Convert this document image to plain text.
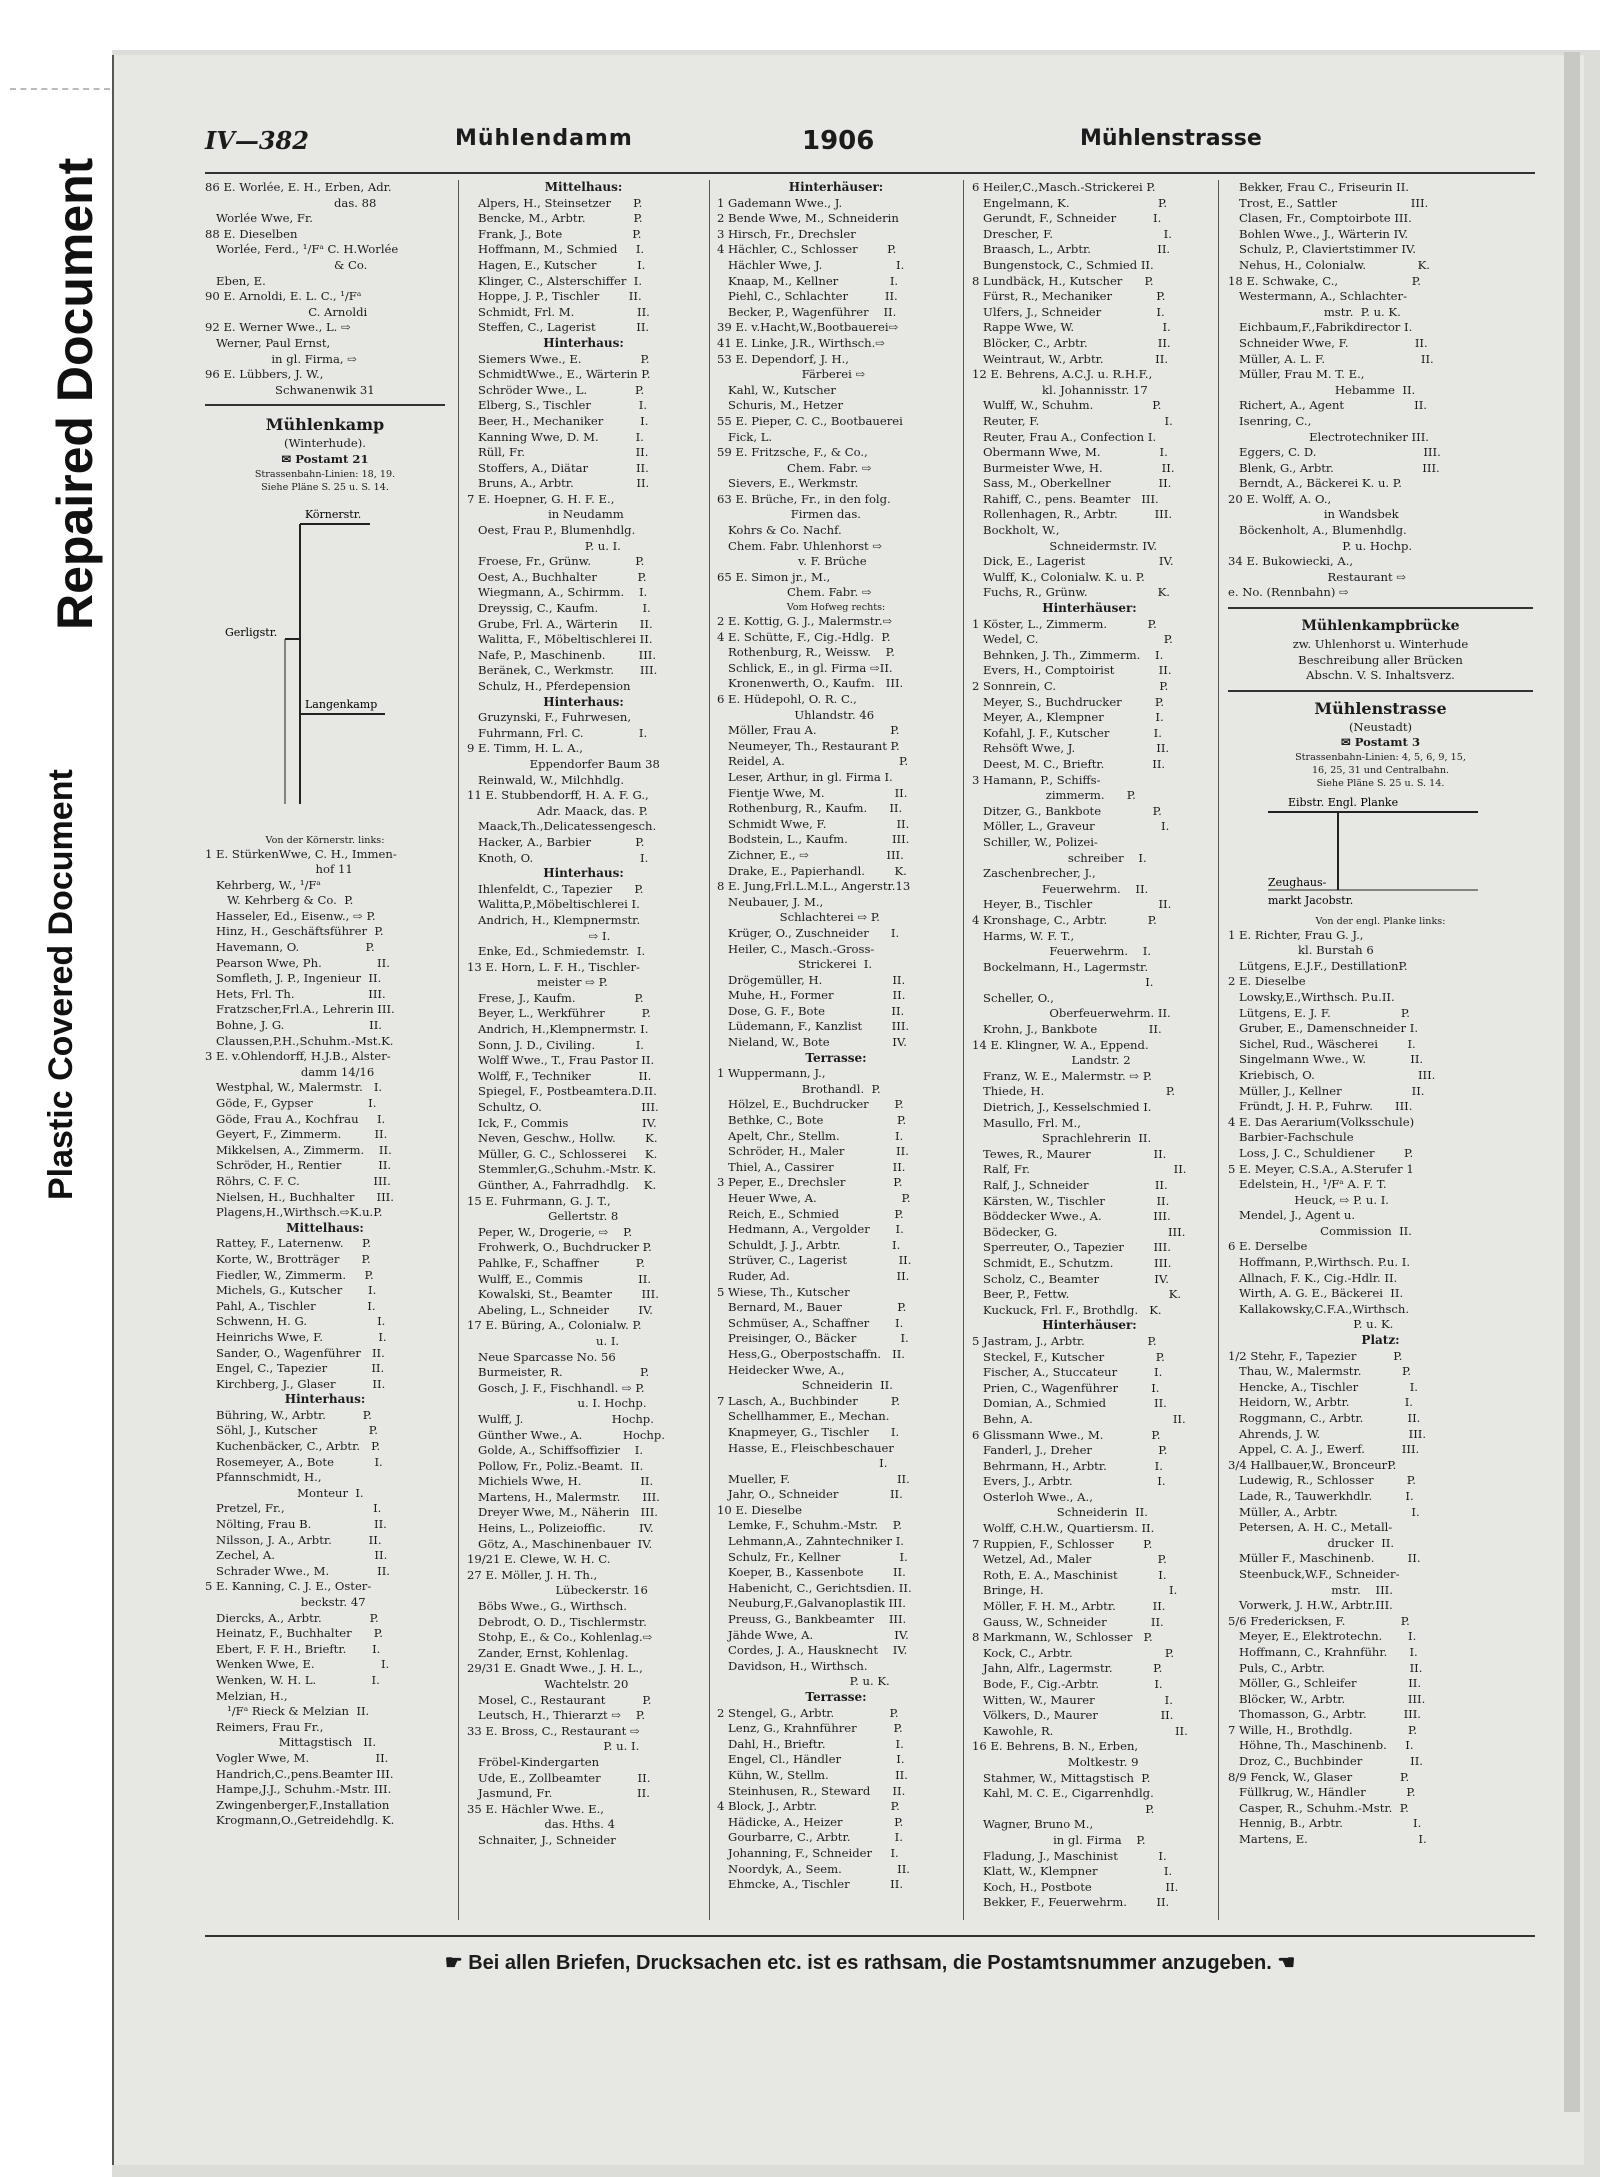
Repaired Document
Plastic Covered Document
IV—382	Mühlendamm	1906	Mühlenstrasse

86 E. Worlée, E. H., Erben, Adr.

das. 88

Worlée Wwe, Fr.

88 E. Dieselben

Worlée, Ferd., ¹/Fᵃ C. H.Worlée

& Co.

Eben, E.

90 E. Arnoldi, E. L. C., ¹/Fᵃ

C. Arnoldi

92 E. Werner Wwe., L. ⇨

Werner, Paul Ernst,

in gl. Firma, ⇨

96 E. Lübbers, J. W.,

Schwanenwik 31

Mühlenkamp

(Winterhude).

✉ Postamt 21

Strassenbahn-Linien: 18, 19.

Siehe Pläne S. 25 u. S. 14.

Körnerstr.
Gerligstr.
Langenkamp

Von der Körnerstr. links:

1 E. StürkenWwe, C. H., Immen-

hof 11

Kehrberg, W., ¹/Fᵃ

W. Kehrberg & Co.  P.

Hasseler, Ed., Eisenw., ⇨ P.

Hinz, H., Geschäftsführer  P.

Havemann, O.                  P.

Pearson Wwe, Ph.               II.

Somfleth, J. P., Ingenieur  II.

Hets, Frl. Th.                    III.

Fratzscher,Frl.A., Lehrerin III.

Bohne, J. G.                       II.

Claussen,P.H.,Schuhm.-Mst.K.

3 E. v.Ohlendorff, H.J.B., Alster-

damm 14/16

Westphal, W., Malermstr.   I.

Göde, F., Gypser               I.

Göde, Frau A., Kochfrau     I.

Geyert, F., Zimmerm.         II.

Mikkelsen, A., Zimmerm.    II.

Schröder, H., Rentier          II.

Röhrs, C. F. C.                    III.

Nielsen, H., Buchhalter      III.

Plagens,H.,Wirthsch.⇨K.u.P.

Mittelhaus:

Rattey, F., Laternenw.     P.

Korte, W., Brotträger      P.

Fiedler, W., Zimmerm.     P.

Michels, G., Kutscher       I.

Pahl, A., Tischler              I.

Schwenn, H. G.                   I.

Heinrichs Wwe, F.               I.

Sander, O., Wagenführer   II.

Engel, C., Tapezier            II.

Kirchberg, J., Glaser          II.

Hinterhaus:

Bühring, W., Arbtr.          P.

Söhl, J., Kutscher              P.

Kuchenbäcker, C., Arbtr.   P.

Rosemeyer, A., Bote           I.

Pfannschmidt, H.,

Monteur  I.

Pretzel, Fr.,                        I.

Nölting, Frau B.                 II.

Nilsson, J. A., Arbtr.          II.

Zechel, A.                           II.

Schrader Wwe., M.             II.

5 E. Kanning, C. J. E., Oster-

beckstr. 47

Diercks, A., Arbtr.             P.

Heinatz, F., Buchhalter      P.

Ebert, F. F. H., Brieftr.       I.

Wenken Wwe, E.                  I.

Wenken, W. H. L.               I.

Melzian, H.,

¹/Fᵃ Rieck & Melzian  II.

Reimers, Frau Fr.,

Mittagstisch   II.

Vogler Wwe, M.                  II.

Handrich,C.,pens.Beamter III.

Hampe,J.J., Schuhm.-Mstr. III.

Zwingenberger,F.,Installation

Krogmann,O.,Getreidehdlg. K.

Mittelhaus:

Alpers, H., Steinsetzer      P.

Bencke, M., Arbtr.             P.

Frank, J., Bote                   P.

Hoffmann, M., Schmied     I.

Hagen, E., Kutscher           I.

Klinger, C., Alsterschiffer  I.

Hoppe, J. P., Tischler        II.

Schmidt, Frl. M.                 II.

Steffen, C., Lagerist           II.

Hinterhaus:

Siemers Wwe., E.                P.

SchmidtWwe., E., Wärterin P.

Schröder Wwe., L.             P.

Elberg, S., Tischler             I.

Beer, H., Mechaniker          I.

Kanning Wwe, D. M.          I.

Rüll, Fr.                              II.

Stoffers, A., Diätar             II.

Bruns, A., Arbtr.                 II.

7 E. Hoepner, G. H. F. E.,

in Neudamm

Oest, Frau P., Blumenhdlg.

P. u. I.

Froese, Fr., Grünw.            P.

Oest, A., Buchhalter           P.

Wiegmann, A., Schirmm.    I.

Dreyssig, C., Kaufm.            I.

Grube, Frl. A., Wärterin      II.

Walitta, F., Möbeltischlerei II.

Nafe, P., Maschinenb.         III.

Beränek, C., Werkmstr.       III.

Schulz, H., Pferdepension

Hinterhaus:

Gruzynski, F., Fuhrwesen,

Fuhrmann, Frl. C.               I.

9 E. Timm, H. L. A.,

Eppendorfer Baum 38

Reinwald, W., Milchhdlg.

11 E. Stubbendorff, H. A. F. G.,

Adr. Maack, das. P.

Maack,Th.,Delicatessengesch.

Hacker, A., Barbier            P.

Knoth, O.                             I.

Hinterhaus:

Ihlenfeldt, C., Tapezier      P.

Walitta,P.,Möbeltischlerei I.

Andrich, H., Klempnermstr.

⇨ I.

Enke, Ed., Schmiedemstr.  I.

13 E. Horn, L. F. H., Tischler-

meister ⇨ P.

Frese, J., Kaufm.                P.

Beyer, L., Werkführer          P.

Andrich, H.,Klempnermstr. I.

Sonn, J. D., Civiling.           I.

Wolff Wwe., T., Frau Pastor II.

Wolff, F., Techniker             II.

Spiegel, F., Postbeamtera.D.II.

Schultz, O.                           III.

Ick, F., Commis                    IV.

Neven, Geschw., Hollw.        K.

Müller, G. C., Schlosserei     K.

Stemmler,G.,Schuhm.-Mstr. K.

Günther, A., Fahrradhdlg.    K.

15 E. Fuhrmann, G. J. T.,

Gellertstr. 8

Peper, W., Drogerie, ⇨    P.

Frohwerk, O., Buchdrucker P.

Pahlke, F., Schaffner          P.

Wulff, E., Commis               II.

Kowalski, St., Beamter        III.

Abeling, L., Schneider        IV.

17 E. Büring, A., Colonialw. P.

u. I.

Neue Sparcasse No. 56

Burmeister, R.                     P.

Gosch, J. F., Fischhandl. ⇨ P.

u. I. Hochp.

Wulff, J.                        Hochp.

Günther Wwe., A.           Hochp.

Golde, A., Schiffsoffizier    I.

Pollow, Fr., Poliz.-Beamt.  II.

Michiels Wwe, H.                II.

Martens, H., Malermstr.      III.

Dreyer Wwe, M., Näherin   III.

Heins, L., Polizeioffic.         IV.

Götz, A., Maschinenbauer  IV.

19/21 E. Clewe, W. H. C.

27 E. Möller, J. H. Th.,

Lübeckerstr. 16

Böbs Wwe., G., Wirthsch.

Debrodt, O. D., Tischlermstr.

Stohp, E., & Co., Kohlenlag.⇨

Zander, Ernst, Kohlenlag.

29/31 E. Gnadt Wwe., J. H. L.,

Wachtelstr. 20

Mosel, C., Restaurant          P.

Leutsch, H., Thierarzt ⇨    P.

33 E. Bross, C., Restaurant ⇨

P. u. I.

Fröbel-Kindergarten

Ude, E., Zollbeamter          II.

Jasmund, Fr.                       II.

35 E. Hächler Wwe. E.,

das. Hths. 4

Schnaiter, J., Schneider

Hinterhäuser:

1 Gademann Wwe., J.

2 Bende Wwe, M., Schneiderin

3 Hirsch, Fr., Drechsler

4 Hächler, C., Schlosser        P.

Hächler Wwe, J.                    I.

Knaap, M., Kellner              I.

Piehl, C., Schlachter          II.

Becker, P., Wagenführer    II.

39 E. v.Hacht,W.,Bootbauerei⇨

41 E. Linke, J.R., Wirthsch.⇨

53 E. Dependorf, J. H.,

Färberei ⇨

Kahl, W., Kutscher

Schuris, M., Hetzer

55 E. Pieper, C. C., Bootbauerei

Fick, L.

59 E. Fritzsche, F., & Co.,

Chem. Fabr. ⇨

Sievers, E., Werkmstr.

63 E. Brüche, Fr., in den folg.

Firmen das.

Kohrs & Co. Nachf.

Chem. Fabr. Uhlenhorst ⇨

v. F. Brüche

65 E. Simon jr., M.,

Chem. Fabr. ⇨

Vom Hofweg rechts:

2 E. Kottig, G. J., Malermstr.⇨

4 E. Schütte, F., Cig.-Hdlg.  P.

Rothenburg, R., Weissw.    P.

Schlick, E., in gl. Firma ⇨II.

Kronenwerth, O., Kaufm.   III.

6 E. Hüdepohl, O. R. C.,

Uhlandstr. 46

Möller, Frau A.                    P.

Neumeyer, Th., Restaurant P.

Reidel, A.                               P.

Leser, Arthur, in gl. Firma I.

Fientje Wwe, M.                   II.

Rothenburg, R., Kaufm.      II.

Schmidt Wwe, F.                   II.

Bodstein, L., Kaufm.            III.

Zichner, E., ⇨                     III.

Drake, E., Papierhandl.        K.

8 E. Jung,Frl.L.M.L., Angerstr.13

Neubauer, J. M.,

Schlachterei ⇨ P.

Krüger, O., Zuschneider      I.

Heiler, C., Masch.-Gross-

Strickerei  I.

Drögemüller, H.                   II.

Muhe, H., Former                II.

Dose, G. F., Bote                  II.

Lüdemann, F., Kanzlist        III.

Nieland, W., Bote                 IV.

Terrasse:

1 Wuppermann, J.,

Brothandl.  P.

Hölzel, E., Buchdrucker       P.

Bethke, C., Bote                    P.

Apelt, Chr., Stellm.               I.

Schröder, H., Maler              II.

Thiel, A., Cassirer                II.

3 Peper, E., Drechsler             P.

Heuer Wwe, A.                       P.

Reich, E., Schmied               P.

Hedmann, A., Vergolder       I.

Schuldt, J. J., Arbtr.              I.

Strüver, C., Lagerist              II.

Ruder, Ad.                             II.

5 Wiese, Th., Kutscher

Bernard, M., Bauer               P.

Schmüser, A., Schaffner       I.

Preisinger, O., Bäcker            I.

Hess,G., Oberpostschaffn.   II.

Heidecker Wwe, A.,

Schneiderin  II.

7 Lasch, A., Buchbinder         P.

Schellhammer, E., Mechan.

Knapmeyer, G., Tischler      I.

Hasse, E., Fleischbeschauer

I.

Mueller, F.                             II.

Jahr, O., Schneider              II.

10 E. Dieselbe

Lemke, F., Schuhm.-Mstr.    P.

Lehmann,A., Zahntechniker I.

Schulz, Fr., Kellner                I.

Koeper, B., Kassenbote        II.

Habenicht, C., Gerichtsdien. II.

Neuburg,F.,Galvanoplastik III.

Preuss, G., Bankbeamter    III.

Jähde Wwe, A.                      IV.

Cordes, J. A., Hausknecht    IV.

Davidson, H., Wirthsch.

P. u. K.

Terrasse:

2 Stengel, G., Arbtr.               P.

Lenz, G., Krahnführer          P.

Dahl, H., Brieftr.                   I.

Engel, Cl., Händler               I.

Kühn, W., Stellm.                  II.

Steinhusen, R., Steward      II.

4 Block, J., Arbtr.                    P.

Hädicke, A., Heizer              P.

Gourbarre, C., Arbtr.            I.

Johanning, F., Schneider     I.

Noordyk, A., Seem.               II.

Ehmcke, A., Tischler           II.

6 Heiler,C.,Masch.-Strickerei P.

Engelmann, K.                        P.

Gerundt, F., Schneider          I.

Drescher, F.                              I.

Braasch, L., Arbtr.                  II.

Bungenstock, C., Schmied II.

8 Lundbäck, H., Kutscher      P.

Fürst, R., Mechaniker            P.

Ulfers, J., Schneider               I.

Rappe Wwe, W.                        I.

Blöcker, C., Arbtr.                   II.

Weintraut, W., Arbtr.              II.

12 E. Behrens, A.C.J. u. R.H.F.,

kl. Johannisstr. 17

Wulff, W., Schuhm.                P.

Reuter, F.                                  I.

Reuter, Frau A., Confection I.

Obermann Wwe, M.                I.

Burmeister Wwe, H.                II.

Sass, M., Oberkellner             II.

Rahiff, C., pens. Beamter   III.

Rollenhagen, R., Arbtr.          III.

Bockholt, W.,

Schneidermstr. IV.

Dick, E., Lagerist                    IV.

Wulff, K., Colonialw. K. u. P.

Fuchs, R., Grünw.                   K.

Hinterhäuser:

1 Köster, L., Zimmerm.           P.

Wedel, C.                                  P.

Behnken, J. Th., Zimmerm.    I.

Evers, H., Comptoirist            II.

2 Sonnrein, C.                            P.

Meyer, S., Buchdrucker         P.

Meyer, A., Klempner              I.

Kofahl, J. F., Kutscher            I.

Rehsöft Wwe, J.                      II.

Deest, M. C., Brieftr.             II.

3 Hamann, P., Schiffs-

zimmerm.      P.

Ditzer, G., Bankbote              P.

Möller, L., Graveur                  I.

Schiller, W., Polizei-

schreiber    I.

Zaschenbrecher, J.,

Feuerwehrm.    II.

Heyer, B., Tischler                  II.

4 Kronshage, C., Arbtr.           P.

Harms, W. F. T.,

Feuerwehrm.    I.

Bockelmann, H., Lagermstr.

I.

Scheller, O.,

Oberfeuerwehrm. II.

Krohn, J., Bankbote              II.

14 E. Klingner, W. A., Eppend.

Landstr. 2

Franz, W. E., Malermstr. ⇨ P.

Thiede, H.                                 P.

Dietrich, J., Kesselschmied I.

Masullo, Frl. M.,

Sprachlehrerin  II.

Tewes, R., Maurer                 II.

Ralf, Fr.                                       II.

Ralf, J., Schneider                  II.

Kärsten, W., Tischler              II.

Böddecker Wwe., A.              III.

Bödecker, G.                              III.

Sperreuter, O., Tapezier        III.

Schmidt, E., Schutzm.           III.

Scholz, C., Beamter               IV.

Beer, P., Fettw.                           K.

Kuckuck, Frl. F., Brothdlg.   K.

Hinterhäuser:

5 Jastram, J., Arbtr.                 P.

Steckel, F., Kutscher              P.

Fischer, A., Stuccateur          I.

Prien, C., Wagenführer         I.

Domian, A., Schmied             II.

Behn, A.                                      II.

6 Glissmann Wwe., M.             P.

Fanderl, J., Dreher                  P.

Behrmann, H., Arbtr.             I.

Evers, J., Arbtr.                       I.

Osterloh Wwe., A.,

Schneiderin  II.

Wolff, C.H.W., Quartiersm. II.

7 Ruppien, F., Schlosser        P.

Wetzel, Ad., Maler                  P.

Roth, E. A., Maschinist           I.

Bringe, H.                                  I.

Möller, F. H. M., Arbtr.          II.

Gauss, W., Schneider            II.

8 Markmann, W., Schlosser   P.

Kock, C., Arbtr.                         P.

Jahn, Alfr., Lagermstr.           P.

Bode, F., Cig.-Arbtr.               I.

Witten, W., Maurer                   I.

Völkers, D., Maurer                 II.

Kawohle, R.                                 II.

16 E. Behrens, B. N., Erben,

Moltkestr. 9

Stahmer, W., Mittagstisch  P.

Kahl, M. C. E., Cigarrenhdlg.

P.

Wagner, Bruno M.,

in gl. Firma    P.

Fladung, J., Maschinist           I.

Klatt, W., Klempner                  I.

Koch, H., Postbote                    II.

Bekker, F., Feuerwehrm.        II.

Bekker, Frau C., Friseurin II.

Trost, E., Sattler                    III.

Clasen, Fr., Comptoirbote III.

Bohlen Wwe., J., Wärterin IV.

Schulz, P., Claviertstimmer IV.

Nehus, H., Colonialw.              K.

18 E. Schwake, C.,                    P.

Westermann, A., Schlachter-

mstr.  P. u. K.

Eichbaum,F.,Fabrikdirector I.

Schneider Wwe, F.                  II.

Müller, A. L. F.                          II.

Müller, Frau M. T. E.,

Hebamme  II.

Richert, A., Agent                   II.

Isenring, C.,

Electrotechniker III.

Eggers, C. D.                             III.

Blenk, G., Arbtr.                        III.

Berndt, A., Bäckerei K. u. P.

20 E. Wolff, A. O.,

in Wandsbek

Böckenholt, A., Blumenhdlg.

P. u. Hochp.

34 E. Bukowiecki, A.,

Restaurant ⇨

e. No. (Rennbahn) ⇨

Mühlenkampbrücke

zw. Uhlenhorst u. Winterhude

Beschreibung aller Brücken

Abschn. V. S. Inhaltsverz.

Mühlenstrasse

(Neustadt)

✉ Postamt 3

Strassenbahn-Linien: 4, 5, 6, 9, 15,

16, 25, 31 und Centralbahn.

Siehe Pläne S. 25 u. S. 14.

Eibstr. Engl. Planke
Zeughaus-
markt Jacobstr.

Von der engl. Planke links:

1 E. Richter, Frau G. J.,

kl. Burstah 6

Lütgens, E.J.F., DestillationP.

2 E. Dieselbe

Lowsky,E.,Wirthsch. P.u.II.

Lütgens, E. J. F.                   P.

Gruber, E., Damenschneider I.

Sichel, Rud., Wäscherei        I.

Singelmann Wwe., W.            II.

Kriebisch, O.                            III.

Müller, J., Kellner                   II.

Fründt, J. H. P., Fuhrw.      III.

4 E. Das Aerarium(Volksschule)

Barbier-Fachschule

Loss, J. C., Schuldiener        P.

5 E. Meyer, C.S.A., A.Sterufer 1

Edelstein, H., ¹/Fᵃ A. F. T.

Heuck, ⇨ P. u. I.

Mendel, J., Agent u.

Commission  II.

6 E. Derselbe

Hoffmann, P.,Wirthsch. P.u. I.

Allnach, F. K., Cig.-Hdlr. II.

Wirth, A. G. E., Bäckerei  II.

Kallakowsky,C.F.A.,Wirthsch.

P. u. K.

Platz:

1/2 Stehr, F., Tapezier          P.

Thau, W., Malermstr.           P.

Hencke, A., Tischler              I.

Heidorn, W., Arbtr.               I.

Roggmann, C., Arbtr.            II.

Ahrends, J. W.                        III.

Appel, C. A. J., Ewerf.          III.

3/4 Hallbauer,W., BronceurP.

Ludewig, R., Schlosser         P.

Lade, R., Tauwerkhdlr.         I.

Müller, A., Arbtr.                    I.

Petersen, A. H. C., Metall-

drucker  II.

Müller F., Maschinenb.         II.

Steenbuck,W.F., Schneider-

mstr.    III.

Vorwerk, J. H.W., Arbtr.III.

5/6 Fredericksen, F.               P.

Meyer, E., Elektrotechn.       I.

Hoffmann, C., Krahnführ.      I.

Puls, C., Arbtr.                       II.

Möller, G., Schleifer              II.

Blöcker, W., Arbtr.                 III.

Thomasson, G., Arbtr.          III.

7 Wille, H., Brothdlg.               P.

Höhne, Th., Maschinenb.     I.

Droz, C., Buchbinder             II.

8/9 Fenck, W., Glaser             P.

Füllkrug, W., Händler           P.

Casper, R., Schuhm.-Mstr.  P.

Hennig, B., Arbtr.                   I.

Martens, E.                              I.

☛ Bei allen Briefen, Drucksachen etc. ist es rathsam, die Postamtsnummer anzugeben. ☚
